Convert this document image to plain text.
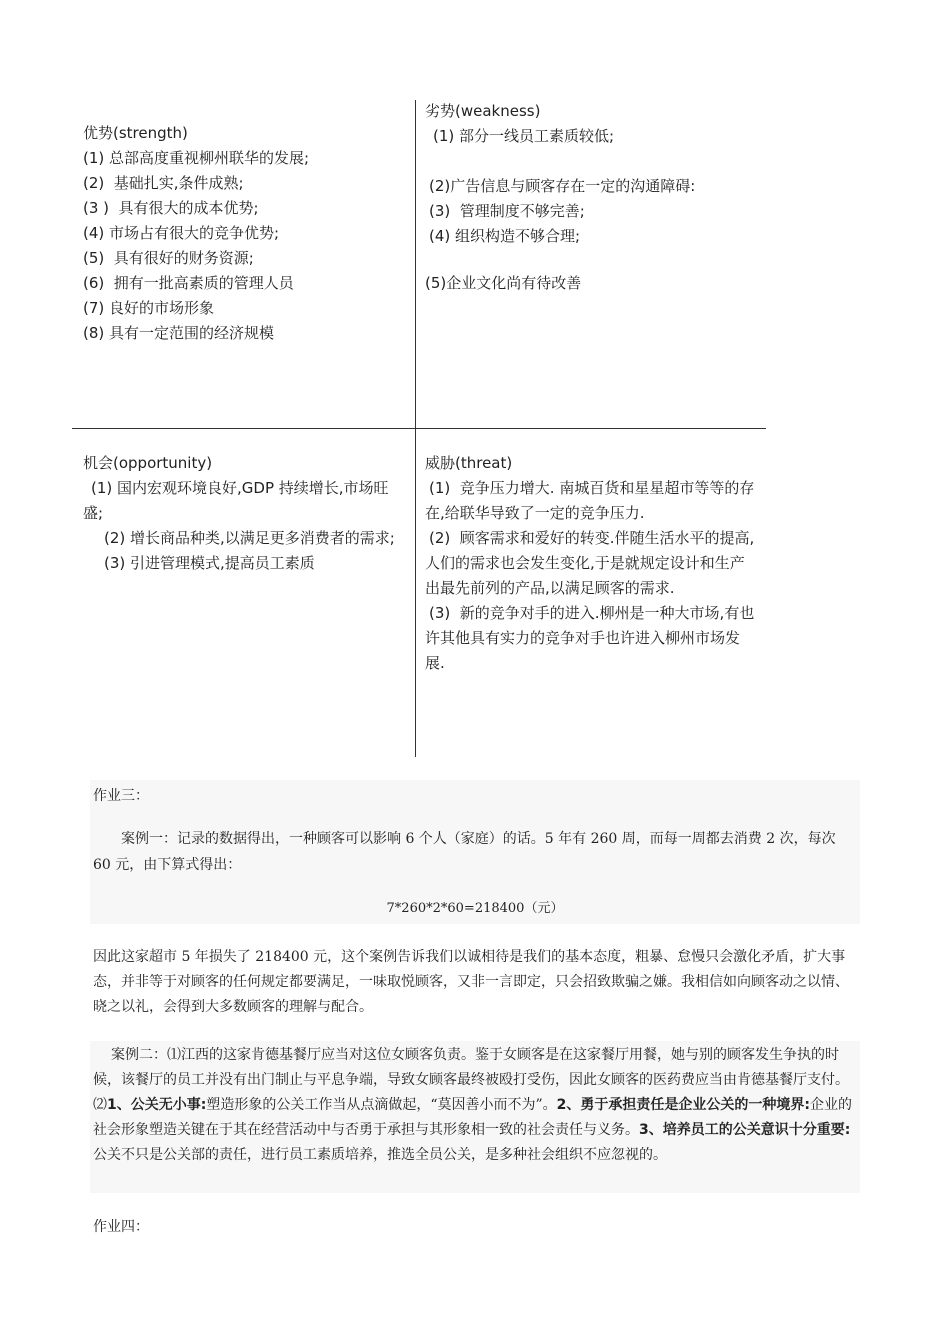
优势(strength)
(1) 总部高度重视柳州联华的发展;
(2)  基础扎实,条件成熟;
(3 )  具有很大的成本优势;
(4) 市场占有很大的竞争优势;
(5)  具有很好的财务资源;
(6)  拥有一批高素质的管理人员
(7) 良好的市场形象
(8) 具有一定范围的经济规模
劣势(weakness)
(1) 部分一线员工素质较低;
(2)广告信息与顾客存在一定的沟通障碍:
(3)  管理制度不够完善;
(4) 组织构造不够合理;
(5)企业文化尚有待改善
机会(opportunity)
(1) 国内宏观环境良好,GDP 持续增长,市场旺盛;
(2) 增长商品种类,以满足更多消费者的需求;
(3) 引进管理模式,提高员工素质
威胁(threat)
(1)  竞争压力增大. 南城百货和星星超市等等的存在,给联华导致了一定的竞争压力.
(2)  顾客需求和爱好的转变.伴随生活水平的提高,人们的需求也会发生变化,于是就规定设计和生产出最先前列的产品,以满足顾客的需求.
(3)  新的竞争对手的进入.柳州是一种大市场,有也许其他具有实力的竞争对手也许进入柳州市场发展.
作业三：
案例一：记录的数据得出，一种顾客可以影响 6 个人（家庭）的话。5 年有 260 周，而每一周都去消费 2 次，每次 60 元，由下算式得出：
7*260*2*60=218400（元）
因此这家超市 5 年损失了 218400 元，这个案例告诉我们以诚相待是我们的基本态度，粗暴、怠慢只会激化矛盾，扩大事态，并非等于对顾客的任何规定都要满足，一味取悦顾客，又非一言即定，只会招致欺骗之嫌。我相信如向顾客动之以情、晓之以礼，会得到大多数顾客的理解与配合。
案例二：⑴江西的这家肯德基餐厅应当对这位女顾客负责。鉴于女顾客是在这家餐厅用餐，她与别的顾客发生争执的时候，该餐厅的员工并没有出门制止与平息争端，导致女顾客最终被殴打受伤，因此女顾客的医药费应当由肯德基餐厅支付。⑵1、公关无小事:塑造形象的公关工作当从点滴做起，“莫因善小而不为”。2、勇于承担责任是企业公关的一种境界:企业的社会形象塑造关键在于其在经营活动中与否勇于承担与其形象相一致的社会责任与义务。3、培养员工的公关意识十分重要:公关不只是公关部的责任，进行员工素质培养，推选全员公关，是多种社会组织不应忽视的。
作业四：
